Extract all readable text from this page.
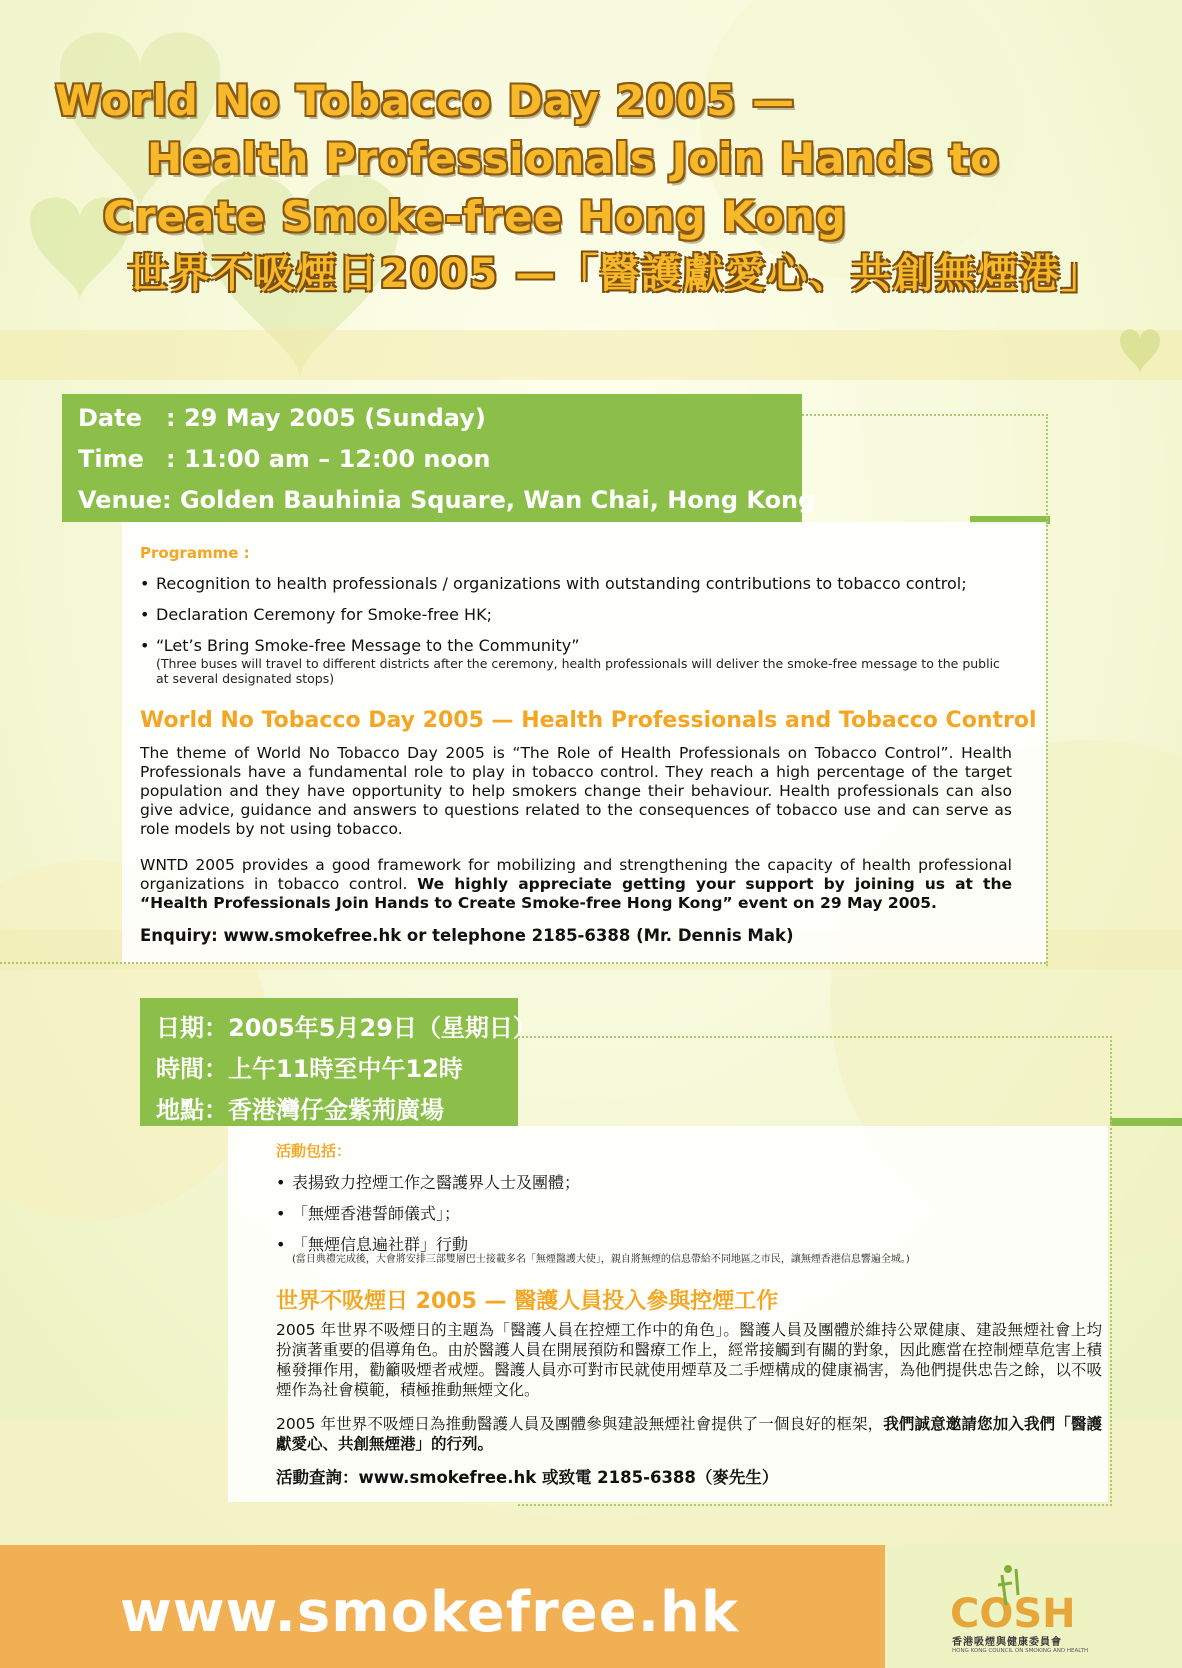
World No Tobacco Day 2005 —
Health Professionals Join Hands to
Create Smoke-free Hong Kong
世界不吸煙日2005 —「醫護獻愛心、共創無煙港」
Date : 29 May 2005 (Sunday)
Time : 11:00 am – 12:00 noon
Venue: Golden Bauhinia Square, Wan Chai, Hong Kong
Programme :
• Recognition to health professionals / organizations with outstanding contributions to tobacco control;
• Declaration Ceremony for Smoke-free HK;
• “Let’s Bring Smoke-free Message to the Community”
(Three buses will travel to different districts after the ceremony, health professionals will deliver the smoke-free message to the public at several designated stops)
World No Tobacco Day 2005 — Health Professionals and Tobacco Control
The theme of World No Tobacco Day 2005 is “The Role of Health Professionals on Tobacco Control”. Health Professionals have a fundamental role to play in tobacco control. They reach a high percentage of the target population and they have opportunity to help smokers change their behaviour. Health professionals can also give advice, guidance and answers to questions related to the consequences of tobacco use and can serve as role models by not using tobacco.
WNTD 2005 provides a good framework for mobilizing and strengthening the capacity of health professional organizations in tobacco control. We highly appreciate getting your support by joining us at the “Health Professionals Join Hands to Create Smoke-free Hong Kong” event on 29 May 2005.
Enquiry: www.smokefree.hk or telephone 2185-6388 (Mr. Dennis Mak)
日期：2005年5月29日（星期日）
時間：上午11時至中午12時
地點：香港灣仔金紫荊廣場
活動包括：
• 表揚致力控煙工作之醫護界人士及團體；
• 「無煙香港誓師儀式」；
• 「無煙信息遍社群」行動
(當日典禮完成後，大會將安排三部雙層巴士接載多名「無煙醫護大使」，親自將無煙的信息帶給不同地區之市民，讓無煙香港信息響遍全城。)
世界不吸煙日 2005 — 醫護人員投入參與控煙工作
2005 年世界不吸煙日的主題為「醫護人員在控煙工作中的角色」。醫護人員及團體於維持公眾健康、建設無煙社會上均扮演著重要的倡導角色。由於醫護人員在開展預防和醫療工作上，經常接觸到有關的對象，因此應當在控制煙草危害上積極發揮作用，勸籲吸煙者戒煙。醫護人員亦可對市民就使用煙草及二手煙構成的健康禍害，為他們提供忠告之餘，以不吸煙作為社會模範，積極推動無煙文化。
2005 年世界不吸煙日為推動醫護人員及團體參與建設無煙社會提供了一個良好的框架，我們誠意邀請您加入我們「醫護獻愛心、共創無煙港」的行列。
活動查詢：www.smokefree.hk 或致電 2185-6388（麥先生）
www.smokefree.hk	COSH
香港吸煙與健康委員會
HONG KONG COUNCIL ON SMOKING AND HEALTH
